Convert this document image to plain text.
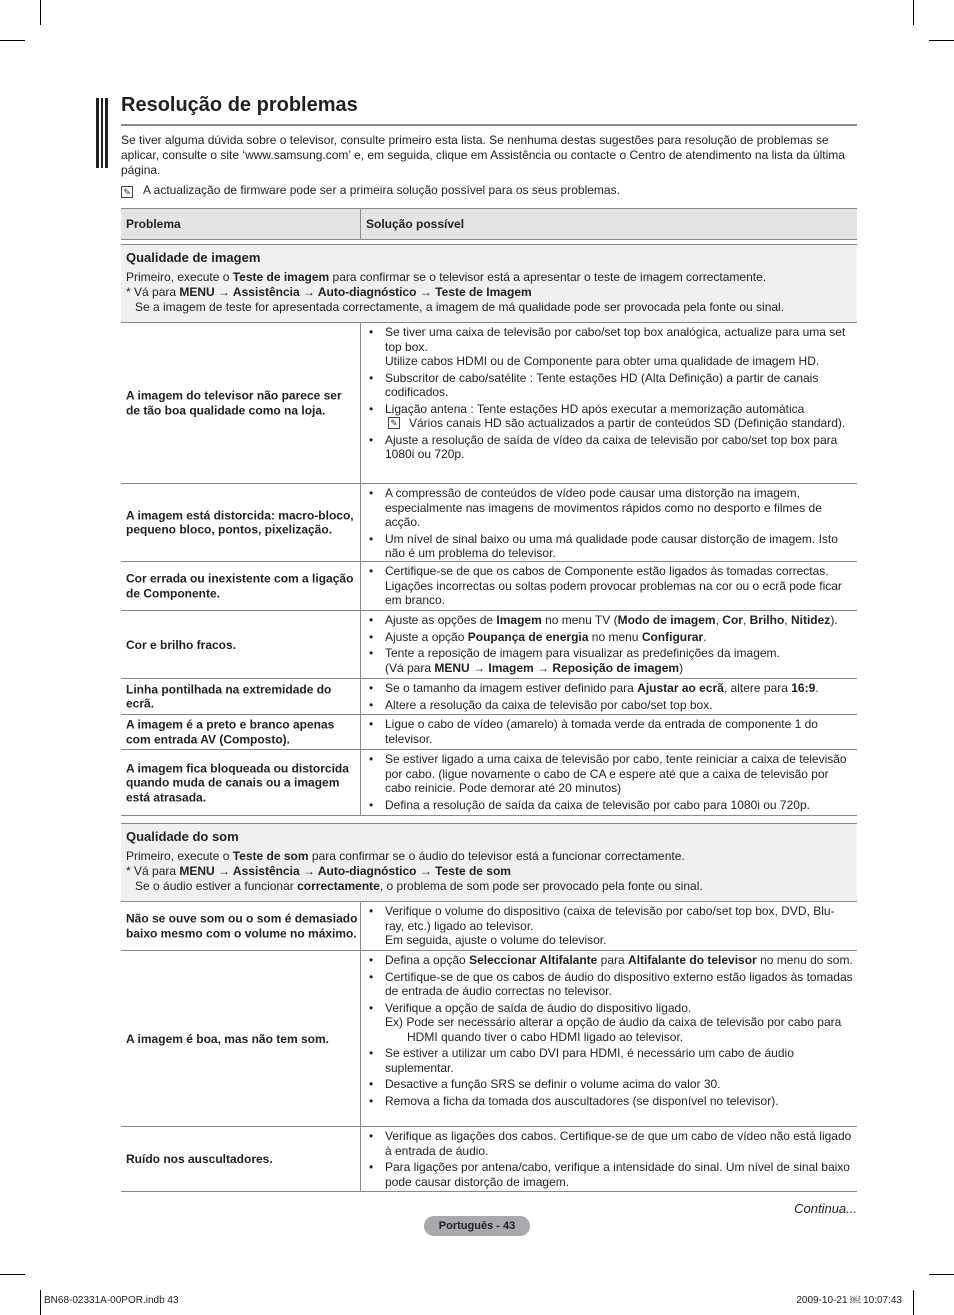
Resolução de problemas

Se tiver alguma dúvida sobre o televisor, consulte primeiro esta lista. Se nenhuma destas sugestões para resolução de problemas se aplicar, consulte o site ‘www.samsung.com’ e, em seguida, clique em Assistência ou contacte o Centro de atendimento na lista da última página.

✎ A actualização de firmware pode ser a primeira solução possível para os seus problemas.
Problema	Solução possível
Qualidade de imagem
Primeiro, execute o Teste de imagem para confirmar se o televisor está a apresentar o teste de imagem correctamente.
* Vá para MENU → Assistência → Auto-diagnóstico → Teste de Imagem
Se a imagem de teste for apresentada correctamente, a imagem de má qualidade pode ser provocada pela fonte ou sinal.
A imagem do televisor não parece ser de tão boa qualidade como na loja.
• Se tiver uma caixa de televisão por cabo/set top box analógica, actualize para uma set top box.
Utilize cabos HDMI ou de Componente para obter uma qualidade de imagem HD.
• Subscritor de cabo/satélite : Tente estações HD (Alta Definição) a partir de canais codificados.
• Ligação antena : Tente estações HD após executar a memorização automática
✎ Vários canais HD são actualizados a partir de conteúdos SD (Definição standard).
• Ajuste a resolução de saída de vídeo da caixa de televisão por cabo/set top box para 1080i ou 720p.
A imagem está distorcida: macro-bloco, pequeno bloco, pontos, pixelização.
• A compressão de conteúdos de vídeo pode causar uma distorção na imagem, especialmente nas imagens de movimentos rápidos como no desporto e filmes de acção.
• Um nível de sinal baixo ou uma má qualidade pode causar distorção de imagem. Isto não é um problema do televisor.
Cor errada ou inexistente com a ligação de Componente.
• Certifique-se de que os cabos de Componente estão ligados às tomadas correctas. Ligações incorrectas ou soltas podem provocar problemas na cor ou o ecrã pode ficar em branco.
Cor e brilho fracos.
• Ajuste as opções de Imagem no menu TV (Modo de imagem, Cor, Brilho, Nitidez).
• Ajuste a opção Poupança de energia no menu Configurar.
• Tente a reposição de imagem para visualizar as predefinições da imagem.
(Vá para MENU → Imagem → Reposição de imagem)
Linha pontilhada na extremidade do ecrã.
• Se o tamanho da imagem estiver definido para Ajustar ao ecrã, altere para 16:9.
• Altere a resolução da caixa de televisão por cabo/set top box.
A imagem é a preto e branco apenas com entrada AV (Composto).
• Ligue o cabo de vídeo (amarelo) à tomada verde da entrada de componente 1 do televisor.
A imagem fica bloqueada ou distorcida quando muda de canais ou a imagem está atrasada.
• Se estiver ligado a uma caixa de televisão por cabo, tente reiniciar a caixa de televisão por cabo. (ligue novamente o cabo de CA e espere até que a caixa de televisão por cabo reinicie. Pode demorar até 20 minutos)
• Defina a resolução de saída da caixa de televisão por cabo para 1080i ou 720p.
Qualidade do som
Primeiro, execute o Teste de som para confirmar se o áudio do televisor está a funcionar correctamente.
* Vá para MENU → Assistência → Auto-diagnóstico → Teste de som
Se o áudio estiver a funcionar correctamente, o problema de som pode ser provocado pela fonte ou sinal.
Não se ouve som ou o som é demasiado baixo mesmo com o volume no máximo.
• Verifique o volume do dispositivo (caixa de televisão por cabo/set top box, DVD, Blu-ray, etc.) ligado ao televisor.
Em seguida, ajuste o volume do televisor.
A imagem é boa, mas não tem som.
• Defina a opção Seleccionar Altifalante para Altifalante do televisor no menu do som.
• Certifique-se de que os cabos de áudio do dispositivo externo estão ligados às tomadas de entrada de áudio correctas no televisor.
• Verifique a opção de saída de áudio do dispositivo ligado.
Ex) Pode ser necessário alterar a opção de áudio da caixa de televisão por cabo para HDMI quando tiver o cabo HDMI ligado ao televisor.
• Se estiver a utilizar um cabo DVI para HDMI, é necessário um cabo de áudio suplementar.
• Desactive a função SRS se definir o volume acima do valor 30.
• Remova a ficha da tomada dos auscultadores (se disponível no televisor).
Ruído nos auscultadores.
• Verifique as ligações dos cabos. Certifique-se de que um cabo de vídeo não está ligado à entrada de áudio.
• Para ligações por antena/cabo, verifique a intensidade do sinal. Um nível de sinal baixo pode causar distorção de imagem.
Continua...
Português - 43
BN68-02331A-00POR.indb 43	2009-10-21 ￼ 10:07:43
